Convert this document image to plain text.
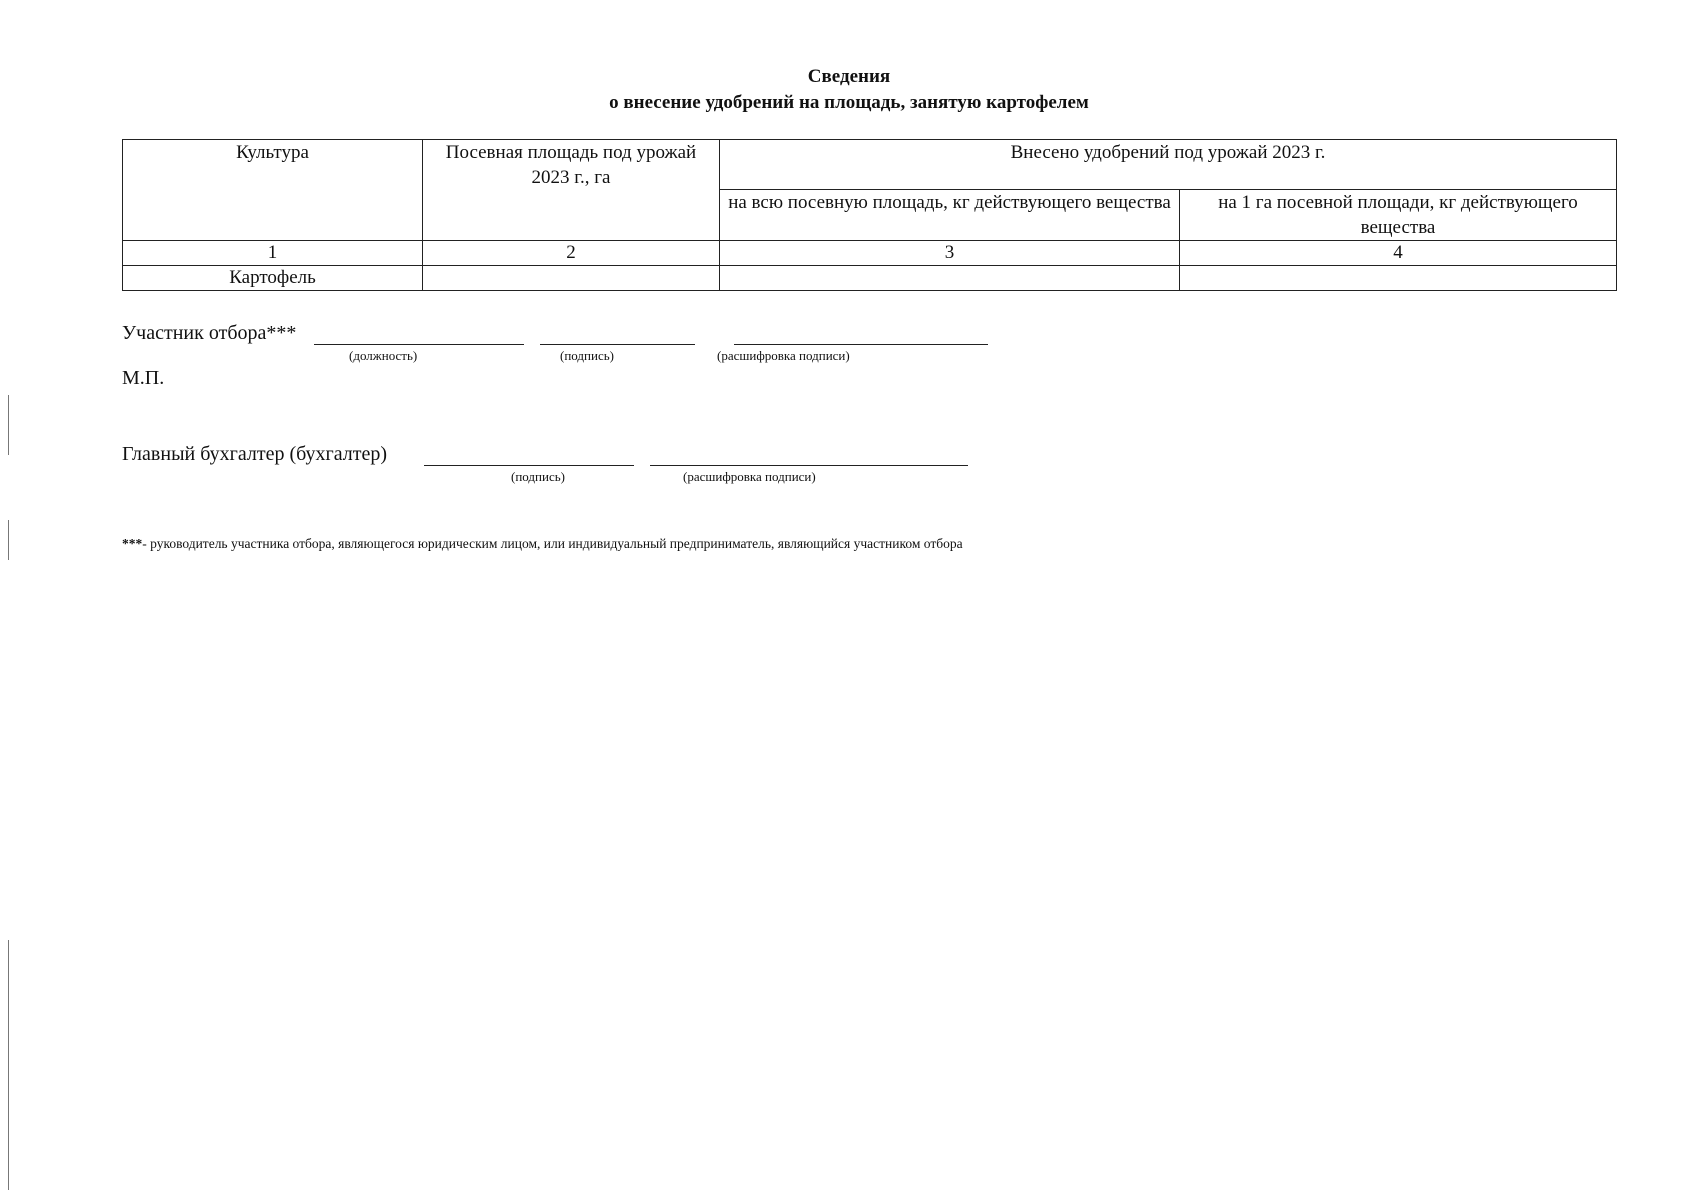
Сведения
о внесение удобрений на площадь, занятую картофелем
Культура	Посевная площадь под урожай 2023 г., га	Внесено удобрений под урожай 2023 г.	
		на всю посевную площадь, кг действующего вещества	на 1 га посевной площади, кг действующего вещества
1	2	3	4
Картофель			
Участник отбора***
(должность)	(подпись)	(расшифровка подписи)
М.П.
Главный бухгалтер (бухгалтер)
(подпись)	(расшифровка подписи)
***- руководитель участника отбора, являющегося юридическим лицом, или индивидуальный предприниматель, являющийся участником отбора
